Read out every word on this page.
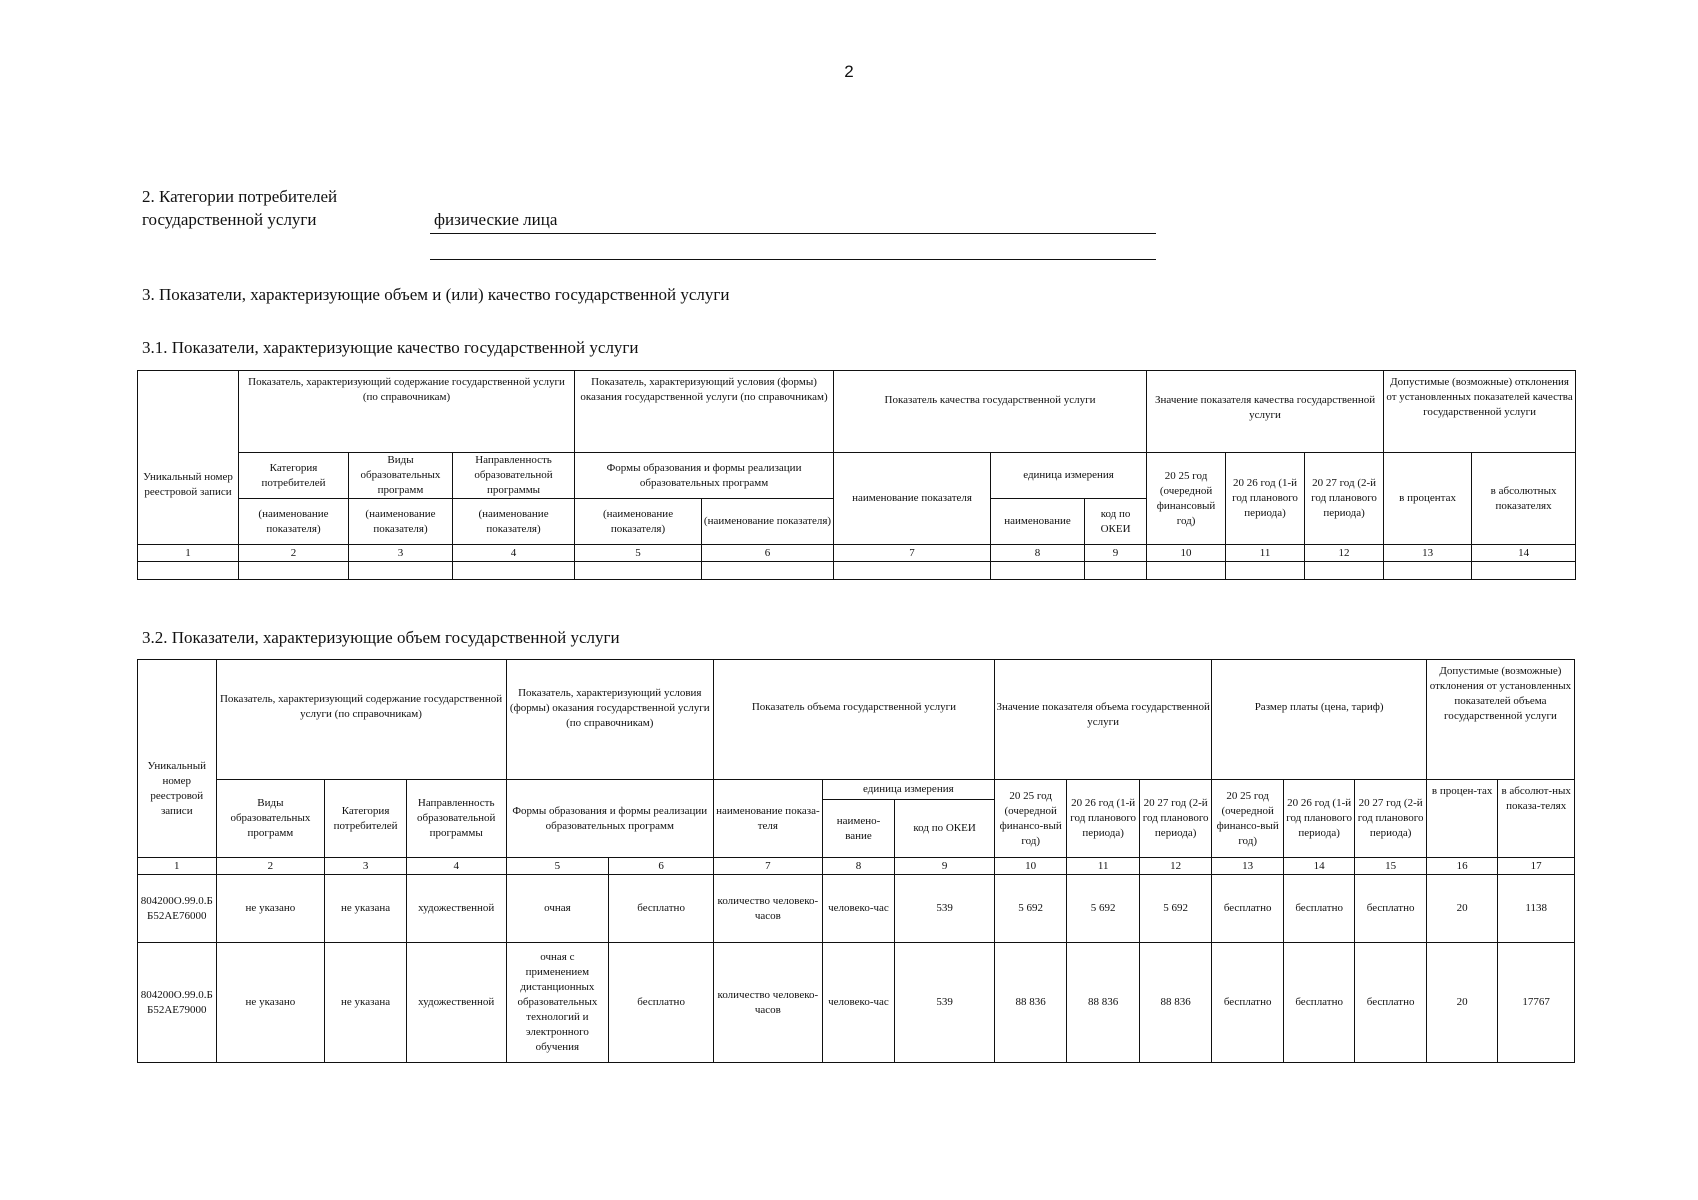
2
2. Категории потребителей
государственной услуги	физические лица
3. Показатели, характеризующие объем и (или) качество государственной услуги
3.1. Показатели, характеризующие качество государственной услуги
Уникальный номер реестровой записи	Показатель, характеризующий содержание государственной услуги (по справочникам)			Показатель, характеризующий условия (формы) оказания государственной услуги (по справочникам)		Показатель качества государственной услуги			Значение показателя качества государственной услуги			Допустимые (возможные) отклонения от установленных показателей качества государственной услуги	
	Категория потребителей	Виды образовательных программ	Направленность образовательной программы	Формы образования и формы реализации образовательных программ		наименование показателя	единица измерения		20 25 год (очередной финансовый год)	20 26 год (1-й год планового периода)	20 27 год (2-й год планового периода)	в процентах	в абсолютных показателях
	(наименование показателя)	(наименование показателя)	(наименование показателя)	(наименование показателя)	(наименование показателя)		наименование	код по ОКЕИ					
1	2	3	4	5	6	7	8	9	10	11	12	13	14

3.2. Показатели, характеризующие объем государственной услуги
Уникальный номер реестровой записи	Показатель, характеризующий содержание государственной услуги (по справочникам)			Показатель, характеризующий условия (формы) оказания государственной услуги (по справочникам)		Показатель объема государственной услуги			Значение показателя объема государственной услуги			Размер платы (цена, тариф)			Допустимые (возможные) отклонения от установленных показателей объема государственной услуги	
	Виды образовательных программ	Категория потребителей	Направленность образовательной программы	Формы образования и формы реализации образовательных программ		наименование показа-теля	единица измерения		20 25 год (очередной финансо-вый год)	20 26 год (1-й год планового периода)	20 27 год (2-й год планового периода)	20 25 год (очередной финансо-вый год)	20 26 год (1-й год планового периода)	20 27 год (2-й год планового периода)	в процен-тах	в абсолют-ных показа-телях
							наимено-вание	код по ОКЕИ								
1	2	3	4	5	6	7	8	9	10	11	12	13	14	15	16	17
804200О.99.0.ББ52АЕ76000	не указано	не указана	художественной	очная	бесплатно	количество человеко-часов	человеко-час	539	5 692	5 692	5 692	бесплатно	бесплатно	бесплатно	20	1138
804200О.99.0.ББ52АЕ79000	не указано	не указана	художественной	очная с применением дистанционных образовательных технологий и электронного обучения	бесплатно	количество человеко-часов	человеко-час	539	88 836	88 836	88 836	бесплатно	бесплатно	бесплатно	20	17767
